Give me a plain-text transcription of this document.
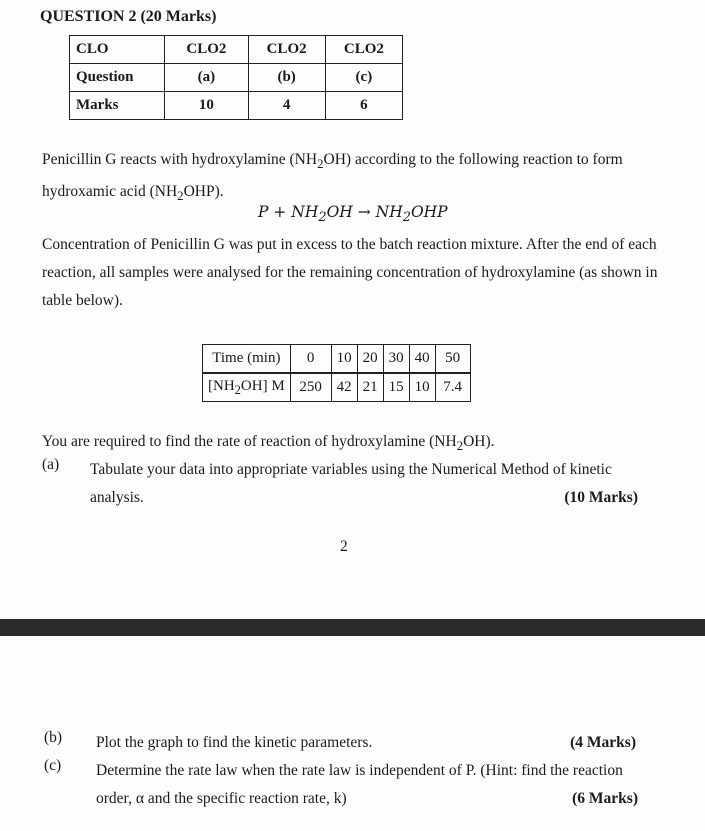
QUESTION 2 (20 Marks)
CLO	CLO2	CLO2	CLO2
Question	(a)	(b)	(c)
Marks	10	4	6
Penicillin G reacts with hydroxylamine $(NH_2OH)$ according to the following reaction to form hydroxamic acid $(NH_2OHP)$.
$P + NH_2OH \to NH_2OHP$
Concentration of Penicillin G was put in excess to the batch reaction mixture. After the end of each reaction, all samples were analysed for the remaining concentration of hydroxylamine (as shown in table below).
Time (min)	0	10	20	30	40	50
$[NH_2OH]$ M	250	42	21	15	10	7.4
You are required to find the rate of reaction of hydroxylamine $(NH_2OH)$.
(a) Tabulate your data into appropriate variables using the Numerical Method of kinetic analysis.	(10 Marks)
2
(b) Plot the graph to find the kinetic parameters.	(4 Marks)
(c) Determine the rate law when the rate law is independent of P. (Hint: find the reaction order, α and the specific reaction rate, k)	(6 Marks)
